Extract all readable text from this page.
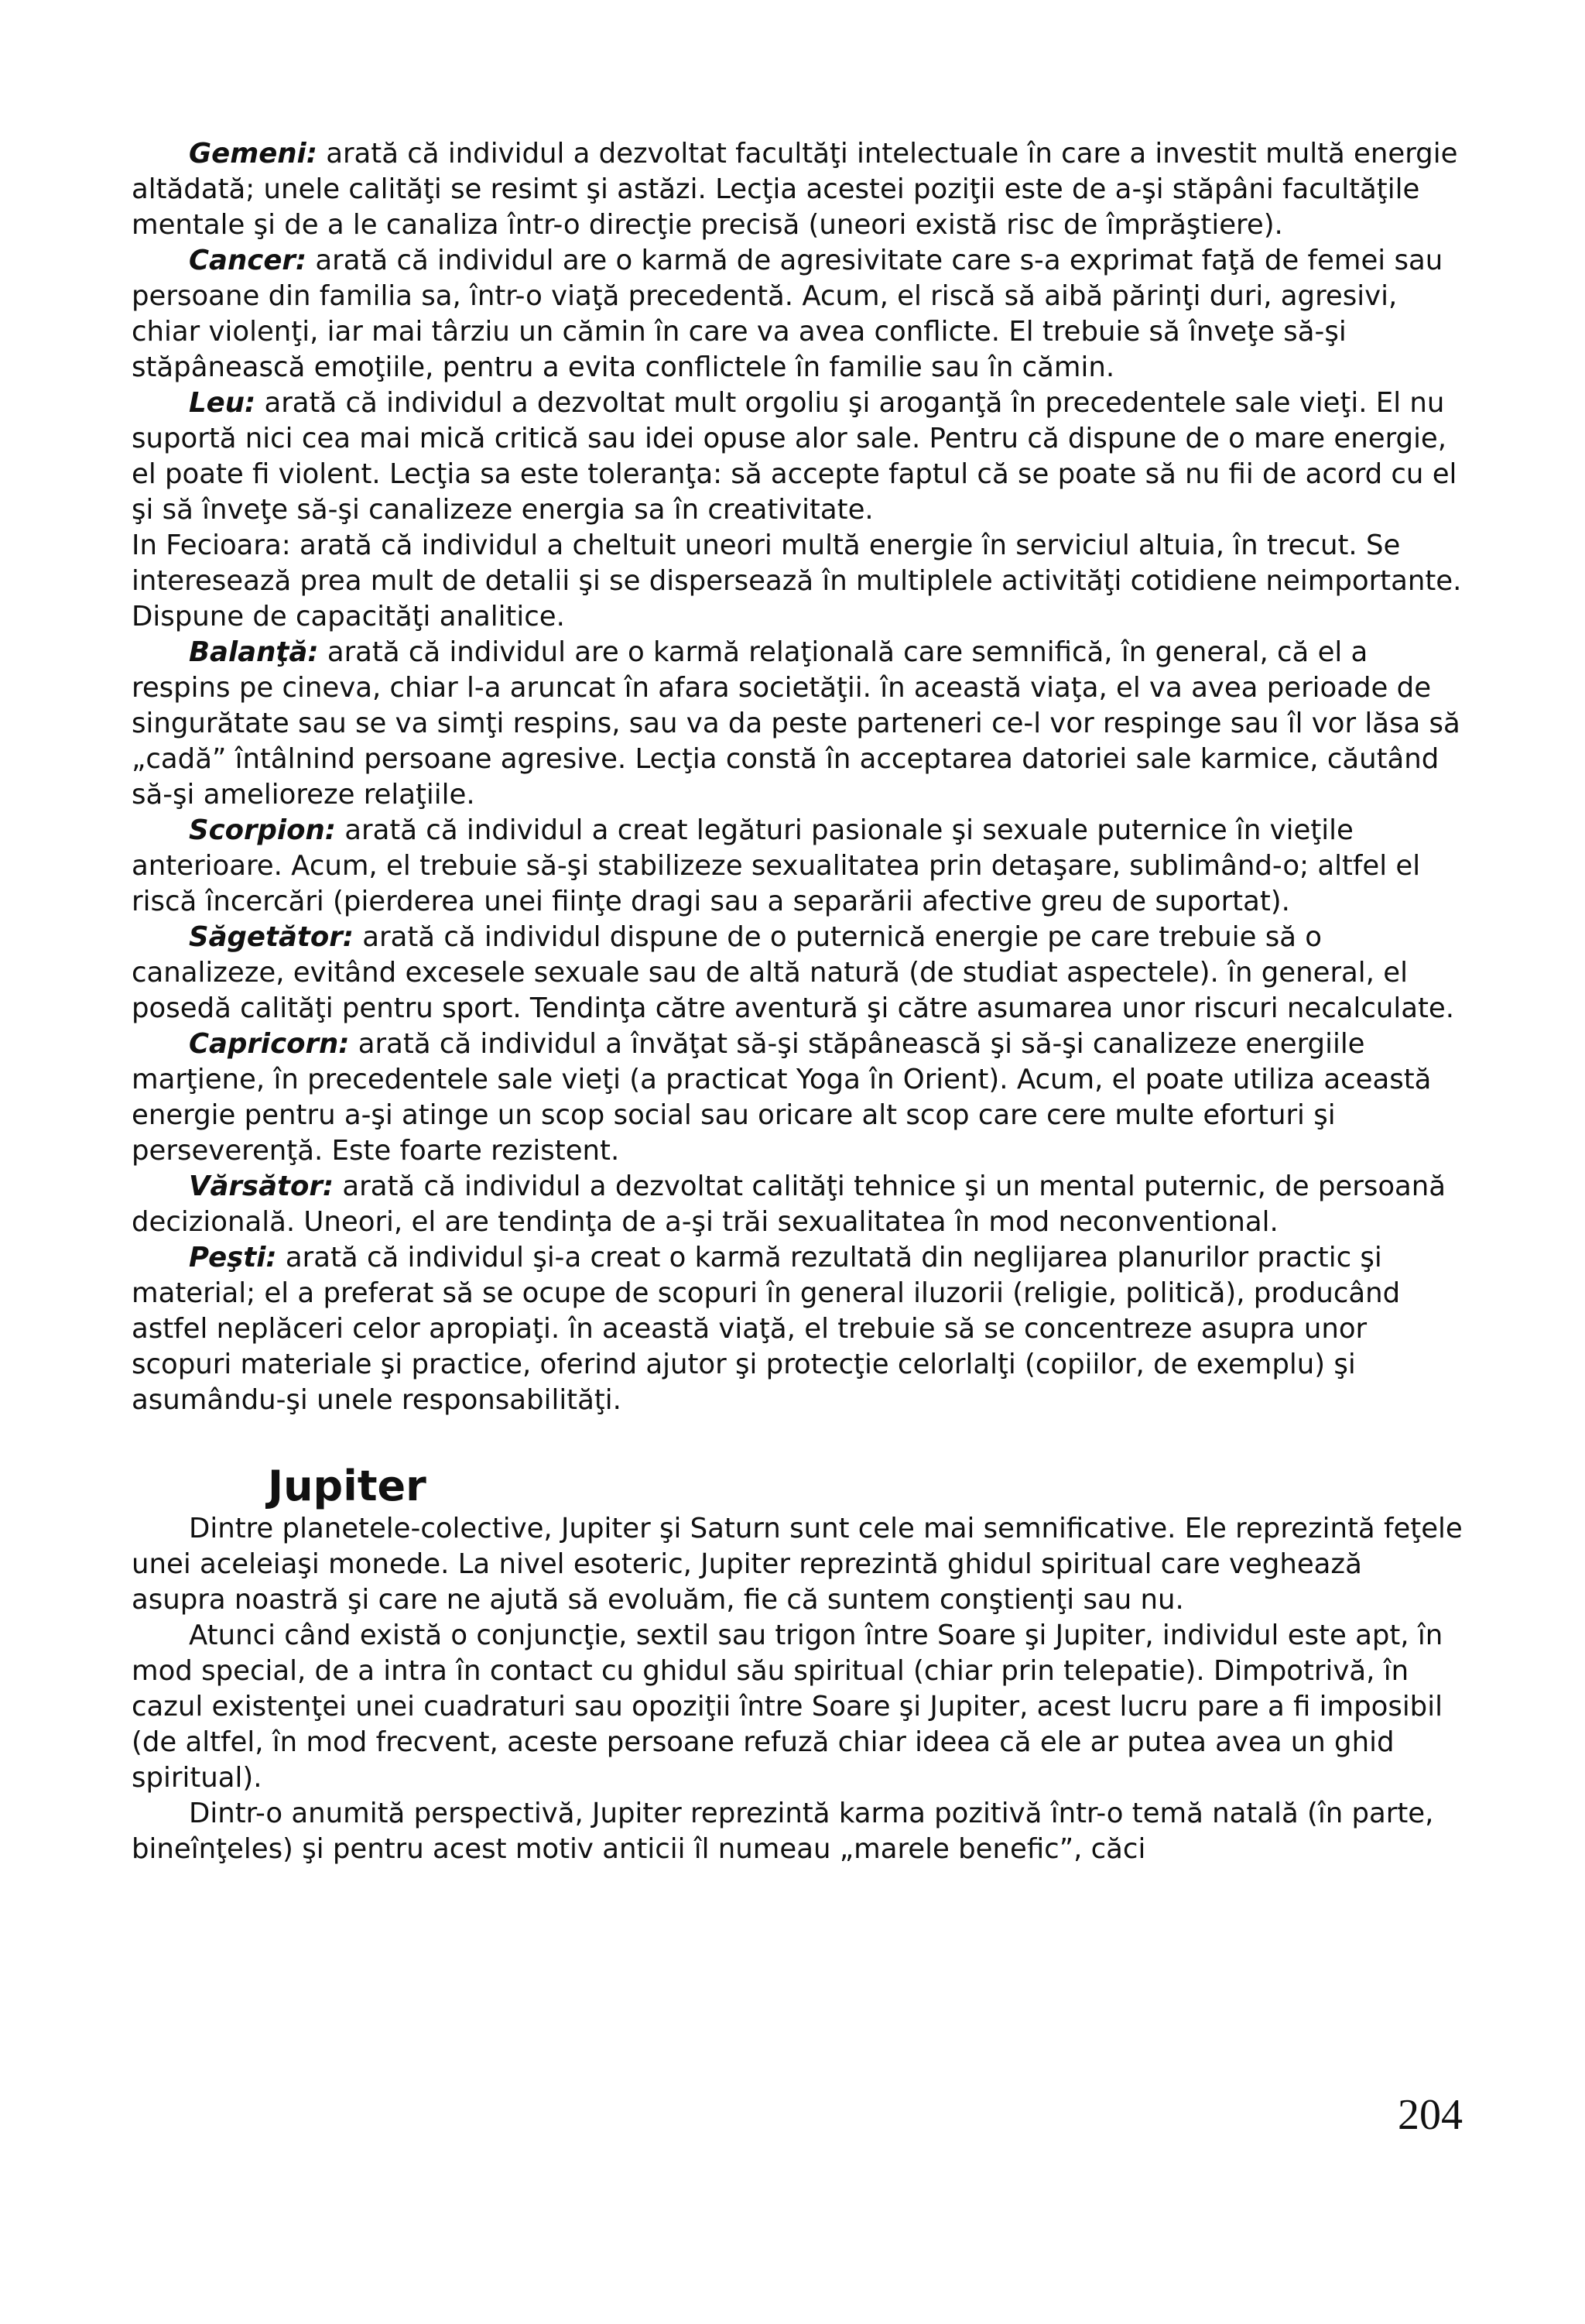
Gemeni: arată că individul a dezvoltat facultăţi intelectuale în care a investit multă energie altădată; unele calităţi se resimt şi astăzi. Lecţia acestei poziţii este de a-şi stăpâni facultăţile mentale şi de a le canaliza într-o direcţie precisă (uneori există risc de împrăştiere).

Cancer: arată că individul are o karmă de agresivitate care s-a exprimat faţă de femei sau persoane din familia sa, într-o viaţă precedentă. Acum, el riscă să aibă părinţi duri, agresivi, chiar violenţi, iar mai târziu un cămin în care va avea conflicte. El trebuie să înveţe să-şi stăpânească emoţiile, pentru a evita conflictele în familie sau în cămin.

Leu: arată că individul a dezvoltat mult orgoliu şi aroganţă în precedentele sale vieţi. El nu suportă nici cea mai mică critică sau idei opuse alor sale. Pentru că dispune de o mare energie, el poate fi violent. Lecţia sa este toleranţa: să accepte faptul că se poate să nu fii de acord cu el şi să înveţe să-şi canalizeze energia sa în creativitate.

In Fecioara: arată că individul a cheltuit uneori multă energie în serviciul altuia, în trecut. Se interesează prea mult de detalii şi se dispersează în multiplele activităţi cotidiene neimportante. Dispune de capacităţi analitice.

Balanţă: arată că individul are o karmă relaţională care semnifică, în general, că el a respins pe cineva, chiar l-a aruncat în afara societăţii. în această viaţa, el va avea perioade de singurătate sau se va simţi respins, sau va da peste parteneri ce-l vor respinge sau îl vor lăsa să „cadă” întâlnind persoane agresive. Lecţia constă în acceptarea datoriei sale karmice, căutând să-şi amelioreze relaţiile.

Scorpion: arată că individul a creat legături pasionale şi sexuale puternice în vieţile anterioare. Acum, el trebuie să-şi stabilizeze sexualitatea prin detaşare, sublimând-o; altfel el riscă încercări (pierderea unei fiinţe dragi sau a separării afective greu de suportat).

Săgetător: arată că individul dispune de o puternică energie pe care trebuie să o canalizeze, evitând excesele sexuale sau de altă natură (de studiat aspectele). în general, el posedă calităţi pentru sport. Tendinţa către aventură şi către asumarea unor riscuri necalculate.

Capricorn: arată că individul a învăţat să-şi stăpânească şi să-şi canalizeze energiile marţiene, în precedentele sale vieţi (a practicat Yoga în Orient). Acum, el poate utiliza această energie pentru a-şi atinge un scop social sau oricare alt scop care cere multe eforturi şi perseverenţă. Este foarte rezistent.

Vărsător: arată că individul a dezvoltat calităţi tehnice şi un mental puternic, de persoană decizională. Uneori, el are tendinţa de a-şi trăi sexualitatea în mod neconventional.

Peşti: arată că individul şi-a creat o karmă rezultată din neglijarea planurilor practic şi material; el a preferat să se ocupe de scopuri în general iluzorii (religie, politică), producând astfel neplăceri celor apropiaţi. în această viaţă, el trebuie să se concentreze asupra unor scopuri materiale şi practice, oferind ajutor şi protecţie celorlalţi (copiilor, de exemplu) şi asumându-şi unele responsabilităţi.

Jupiter

Dintre planetele-colective, Jupiter şi Saturn sunt cele mai semnificative. Ele reprezintă feţele unei aceleiaşi monede. La nivel esoteric, Jupiter reprezintă ghidul spiritual care veghează asupra noastră şi care ne ajută să evoluăm, fie că suntem conştienţi sau nu.

Atunci când există o conjuncţie, sextil sau trigon între Soare şi Jupiter, individul este apt, în mod special, de a intra în contact cu ghidul său spiritual (chiar prin telepatie). Dimpotrivă, în cazul existenţei unei cuadraturi sau opoziţii între Soare şi Jupiter, acest lucru pare a fi imposibil (de altfel, în mod frecvent, aceste persoane refuză chiar ideea că ele ar putea avea un ghid spiritual).

Dintr-o anumită perspectivă, Jupiter reprezintă karma pozitivă într-o temă natală (în parte, bineînţeles) şi pentru acest motiv anticii îl numeau „marele benefic”, căci

204
